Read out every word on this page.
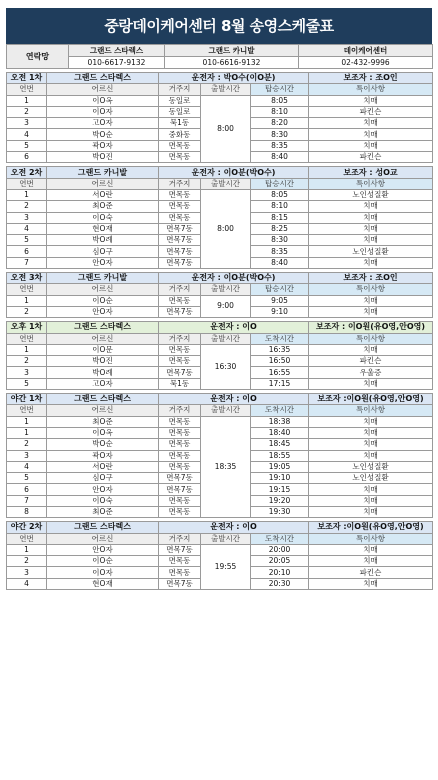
중랑데이케어센터 8월 송영스케줄표
연락망	그랜드 스타렉스	그랜드 카니발	데이케어센터
	010-6617-9132	010-6616-9132	02-432-9996
오전 1차	그랜드 스타렉스	운전자 : 박O수(이O분)			보조자 : 조O인
연번	어르신	거주지	출발시간	탑승시간	특이사항
1	이O옥	동일로	8:00	8:05	치매
2	이O자	동일로		8:10	파킨슨
3	고O자	묵1동		8:20	치매
4	박O순	중화동		8:30	치매
5	곽O자	면목동		8:35	치매
6	박O진	면목동		8:40	파킨슨
오전 2차	그랜드 카니발	운전자 : 이O분(박O수)			보조자 : 성O교
연번	어르신	거주지	출발시간	탑승시간	특이사항
1	서O란	면목동	8:00	8:05	노인성질환
2	최O준	면목동		8:10	치매
3	이O숙	면목동		8:15	치매
4	현O재	면목7동		8:25	치매
5	박O례	면목7동		8:30	치매
6	심O구	면목7동		8:35	노인성질환
7	안O자	면목7동		8:40	치매
오전 3차	그랜드 카니발	운전자 : 이O분(박O수)			보조자 : 조O인
연번	어르신	거주지	출발시간	탑승시간	특이사항
1	이O순	면목동	9:00	9:05	치매
2	안O자	면목7동		9:10	치매
오후 1차	그랜드 스타렉스	운전자 : 이O			보조자 : 이O원(유O영,안O영)
연번	어르신	거주지	출발시간	도착시간	특이사항
1	이O문	면목동	16:30	16:35	치매
2	박O진	면목동		16:50	파킨슨
3	박O례	면목7동		16:55	우울증
5	고O자	묵1동		17:15	치매
야간 1차	그랜드 스타렉스	운전자 : 이O			보조자 :이O원(유O영,안O영)
연번	어르신	거주지	출발시간	도착시간	특이사항
1	최O준	면목동	18:35	18:38	치매
1	이O옥	면목동		18:40	치매
2	박O순	면목동		18:45	치매
3	곽O자	면목동		18:55	치매
4	서O란	면목동		19:05	노인성질환
5	심O구	면목7동		19:10	노인성질환
6	안O자	면목7동		19:15	치매
7	이O숙	면목동		19:20	치매
8	최O준	면목동		19:30	치매
야간 2차	그랜드 스타렉스	운전자 : 이O			보조자 :이O원(유O영,안O영)
연번	어르신	거주지	출발시간	도착시간	특이사항
1	안O자	면목7동	19:55	20:00	치매
2	이O순	면목동		20:05	치매
3	이O자	면목동		20:10	파킨슨
4	현O재	면목7동		20:30	치매
